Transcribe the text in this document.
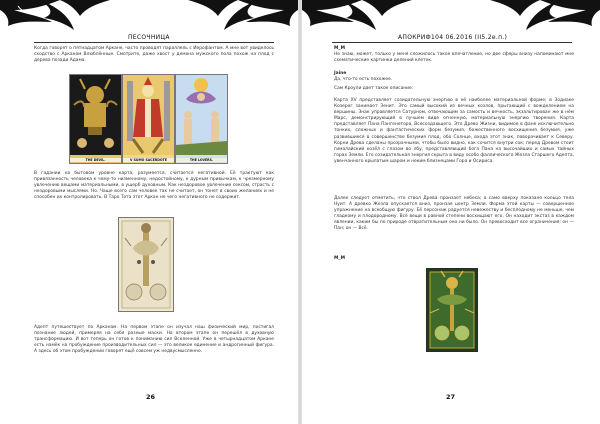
ПЕСОЧНИЦА

Когда говорят о пятнадцатом Аркане, часто проводят параллель с Иерофантом. А мне вот увиделось сходство с Арканом Влюблённые. Смотрите, даже хвост у демона мужского пола похож на плод с дерева позади Адама.

THE DEVIL.	V SUMO SACERDOTE	THE LOVERS.

В гадании на бытовом уровне карта, разумеется, считается негативной. Её трактуют как привязанность человека к чему-то низменному, недостойному, к дурным привычкам, к чрезмерному увлечению вещами материальными, в ущерб духовным. Как нездоровое увлечение сексом, страсть с нездоровыми мыслями. Но. Чаще всего сам человек так не считает, он тонет в своих желаниях и не способен их контролировать. В Таро Тота этот Аркан не чего негативного не содержит.

Адепт путешествует по Арканам. На первом этапе он изучал наш физический мир, постигал познание людей, примеряя на себя разные маски. На втором этапе он перешёл в духовную трансформацию. И вот теперь он готов к пониманию сил Вселенной. Уже в четырнадцатом Аркане есть намёк на пробуждение производительных сил — это великое единение и андрогинный фигура. А здесь об этом пробуждении говорят ещё совсем уж недвусмысленно.

26
АПОКРИФ104 06.2016 (II5.2е.п.)
M_M

Не знаю, может, только у меня сложилось такое впечатление, но две сферы внизу напоминают мне схематические картинки делений клеток.

Jaine

Да, что-то есть похожее.

Сам Кроули дает такое описание:

Карта XV представляет созидательную энергию в её наиболее материальной форме; в Зодиаке Козерог занимает Зенит. Это самый высокий из вечных козлов, прыгающий с вожделением на вершины. Знак управляется Сатурном, отвечающим за самость и вечность, экзальтирован же в нём Марс, демонстрирующий в лучшем виде огненную, материальную энергию творения. Карта представляет Пана Пангенетора, Всесоздающего. Это Древо Жизни, видимое в фане исключительно тонких, сложных и фантастических форм безумия, божественного восхищения безумия, уже развившиеся в совершенстве безумия плод, обо Солнце, входа этот знак, поворачивает к Северу. Корни Древа сделаны прозрачными, чтобы было видно, как сочится внутри сок; перед Древом стоит гималайский козёл с глазом во лбу, представляющий бога Пана на высочайших и самых тайных горах Земли. Его созидательная энергия скрыта в виду особо фаллического Жезла Старшего Адепта, увенчанного крылатым шаром и неким близнецами Гора и Осириса.

Далее следует отметить, что ствол Древа пронзает небеса; а само вверху показано кольцо тела Нуит. А древко Жезла опускается вниз, пронзая центр Земли. Форма этой карты — совершенное упражнение на всеобщую фигуру. Её персонаж радуется невежеству и бесплодному не меньше, чем гладкому и плодородному. Всё вещи в равной степени восхищают его. Он находит экстаз в каждом явлении, каким бы по природе отвратительным оно ни было. Он превосходит все ограничения; он — Пан; он — Всё.

M_M
27
